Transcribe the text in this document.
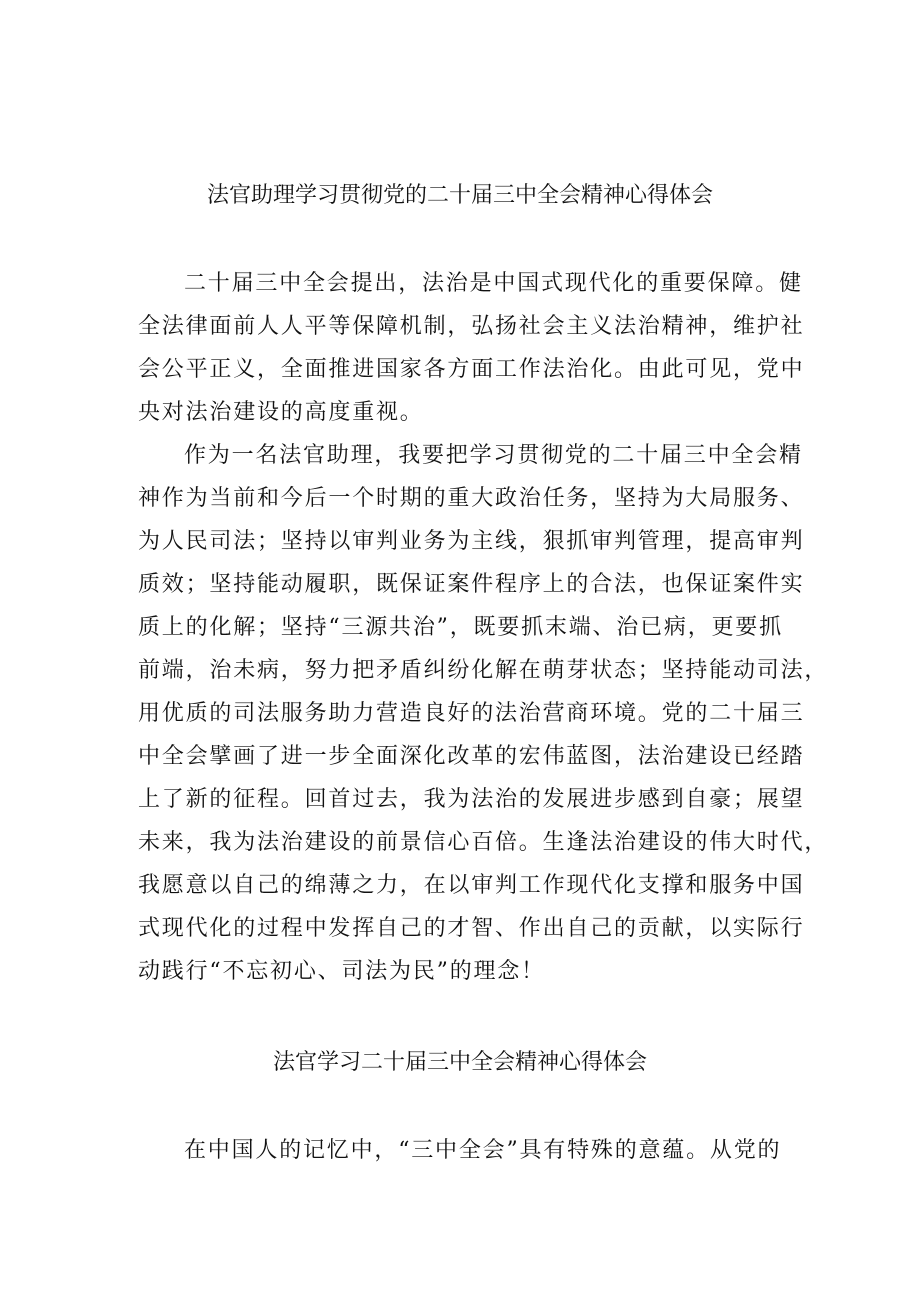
法官助理学习贯彻党的二十届三中全会精神心得体会
二十届三中全会提出，法治是中国式现代化的重要保障。健
全法律面前人人平等保障机制，弘扬社会主义法治精神，维护社
会公平正义，全面推进国家各方面工作法治化。由此可见，党中
央对法治建设的高度重视。
作为一名法官助理，我要把学习贯彻党的二十届三中全会精
神作为当前和今后一个时期的重大政治任务，坚持为大局服务、
为人民司法；坚持以审判业务为主线，狠抓审判管理，提高审判
质效；坚持能动履职，既保证案件程序上的合法，也保证案件实
质上的化解；坚持“三源共治”，既要抓末端、治已病，更要抓
前端，治未病，努力把矛盾纠纷化解在萌芽状态；坚持能动司法，
用优质的司法服务助力营造良好的法治营商环境。党的二十届三
中全会擘画了进一步全面深化改革的宏伟蓝图，法治建设已经踏
上了新的征程。回首过去，我为法治的发展进步感到自豪；展望
未来，我为法治建设的前景信心百倍。生逢法治建设的伟大时代，
我愿意以自己的绵薄之力，在以审判工作现代化支撑和服务中国
式现代化的过程中发挥自己的才智、作出自己的贡献，以实际行
动践行“不忘初心、司法为民”的理念！
法官学习二十届三中全会精神心得体会
在中国人的记忆中，“三中全会”具有特殊的意蕴。从党的
